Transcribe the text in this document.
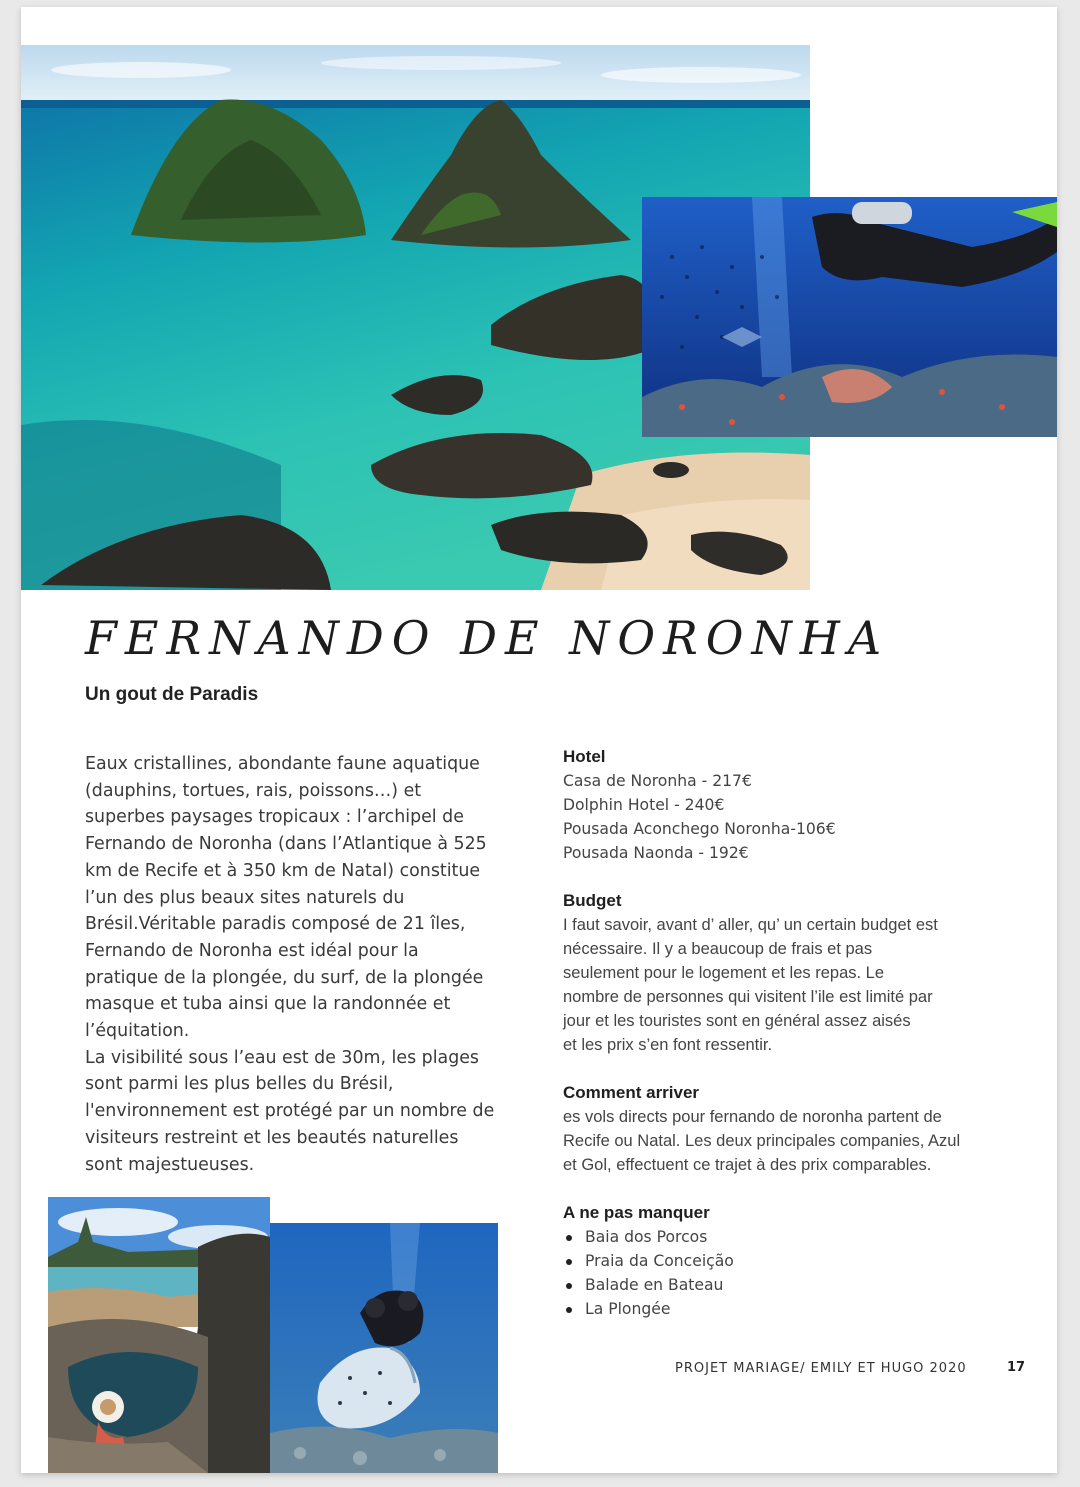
FERNANDO DE NORONHA
Un gout de Paradis

Eaux cristallines, abondante faune aquatique
(dauphins, tortues, rais, poissons…) et
superbes paysages tropicaux : l’archipel de
Fernando de Noronha (dans l’Atlantique à 525
km de Recife et à 350 km de Natal) constitue
l’un des plus beaux sites naturels du
Brésil.Véritable paradis composé de 21 îles,
Fernando de Noronha est idéal pour la
pratique de la plongée, du surf, de la plongée
masque et tuba ainsi que la randonnée et
l’équitation.
La visibilité sous l’eau est de 30m, les plages
sont parmi les plus belles du Brésil,
l'environnement est protégé par un nombre de
visiteurs restreint et les beautés naturelles
sont majestueuses.

Hotel
Casa de Noronha - 217€
Dolphin Hotel - 240€
Pousada Aconchego Noronha-106€
Pousada Naonda - 192€
Budget
I faut savoir, avant d’ aller, qu’ un certain budget est
nécessaire. Il y a beaucoup de frais et pas
seulement pour le logement et les repas. Le
nombre de personnes qui visitent l’ile est limité par
jour et les touristes sont en général assez aisés
et les prix s’en font ressentir.
Comment arriver
es vols directs pour fernando de noronha partent de
Recife ou Natal. Les deux principales companies, Azul
et Gol, effectuent ce trajet à des prix comparables.
A ne pas manquer
Baia dos Porcos
Praia da Conceição
Balade en Bateau
La Plongée

PROJET MARIAGE/ EMILY ET HUGO 2020	17
